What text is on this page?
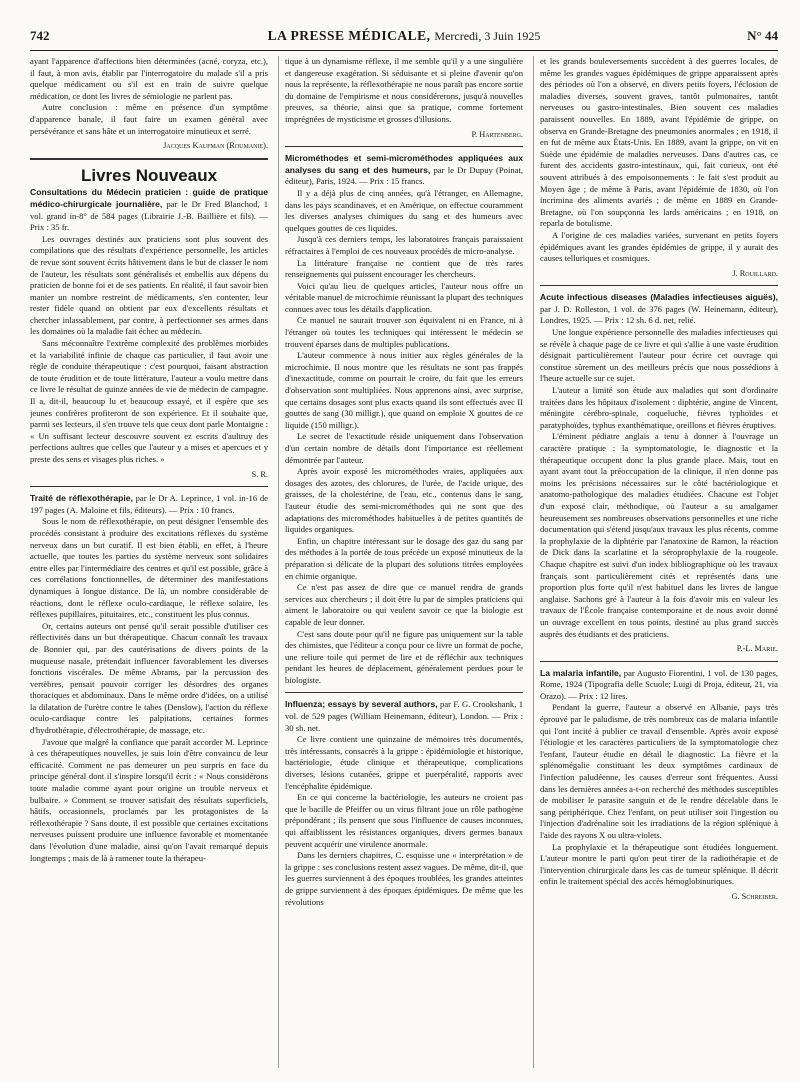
742	LA PRESSE MÉDICALE, Mercredi, 3 Juin 1925	N° 44

ayant l'apparence d'affections bien déterminées (acné, coryza, etc.), il faut, à mon avis, établir par l'interrogatoire du malade s'il a pris quelque médicament ou s'il est en train de suivre quelque médication, ce dont les livres de sémiologie ne parlent pas.

Autre conclusion : même en présence d'un symptôme d'apparence banale, il faut faire un examen général avec persévérance et sans hâte et un interrogatoire minutieux et serré.

Jacques Kaufman (Roumanie).
Livres Nouveaux

Consultations du Médecin praticien : guide de pratique médico-chirurgicale journalière, par le Dr Fred Blanchod, 1 vol. grand in-8° de 584 pages (Librairie J.-B. Baillière et fils). — Prix : 35 fr.

Les ouvrages destinés aux praticiens sont plus souvent des compilations que des résultats d'expérience personnelle, les articles de revue sont souvent écrits hâtivement dans le but de classer le nom de l'auteur, les résultats sont généralisés et embellis aux dépens du praticien de bonne foi et de ses patients. En réalité, il faut savoir bien manier un nombre restreint de médicaments, s'en contenter, leur rester fidèle quand on obtient par eux d'excellents résultats et chercher inlassablement, par contre, à perfectionner ses armes dans les domaines où la maladie fait échec au médecin.

Sans méconnaître l'extrême complexité des problèmes morbides et la variabilité infinie de chaque cas particulier, il faut avoir une règle de conduite thérapeutique : c'est pourquoi, faisant abstraction de toute érudition et de toute littérature, l'auteur a voulu mettre dans ce livre le résultat de quinze années de vie de médecin de campagne. Il a, dit-il, beaucoup lu et beaucoup essayé, et il espère que ses jeunes confrères profiteront de son expérience. Et il souhaite que, parmi ses lecteurs, il s'en trouve tels que ceux dont parle Montaigne : « Un suffisant lecteur descouvre souvent ez escrits d'aultruy des perfections aultres que celles que l'auteur y a mises et apercues et y preste des sens et visages plus riches. »

S. R.

Traité de réflexothérapie, par le Dr A. Leprince, 1 vol. in-16 de 197 pages (A. Maloine et fils, éditeurs). — Prix : 10 francs.

Sous le nom de réflexothérapie, on peut désigner l'ensemble des procédés consistant à produire des excitations réflexes du système nerveux dans un but curatif. Il est bien établi, en effet, à l'heure actuelle, que toutes les parties du système nerveux sont solidaires entre elles par l'intermédiaire des centres et qu'il est possible, grâce à ces corrélations fonctionnelles, de déterminer des manifestations dynamiques à longue distance. De là, un nombre considérable de réactions, dont le réflexe oculo-cardiaque, le réflexe solaire, les réflexes pupillaires, pituitaires, etc., constituent les plus connus.

Or, certains auteurs ont pensé qu'il serait possible d'utiliser ces réflectivités dans un but thérapeutique. Chacun connaît les travaux de Bonnier qui, par des cautérisations de divers points de la muqueuse nasale, prétendait influencer favorablement les diverses fonctions viscérales. De même Abrams, par la percussion des vertèbres, pensait pouvoir corriger les désordres des organes thoraciques et abdominaux. Dans le même ordre d'idées, on a utilisé la dilatation de l'urètre contre le tabes (Denslow), l'action du réflexe oculo-cardiaque contre les palpitations, certaines formes d'hydrothérapie, d'électrothérapie, de massage, etc.

J'avoue que malgré la confiance que paraît accorder M. Leprince à ces thérapeutiques nouvelles, je suis loin d'être convaincu de leur efficacité. Comment ne pas demeurer un peu surpris en face du principe général dont il s'inspire lorsqu'il écrit : « Nous considérons toute maladie comme ayant pour origine un trouble nerveux et bulbaire. » Comment se trouver satisfait des résultats superficiels, hâtifs, occasionnels, proclamés par les protagonistes de la réflexothérapie ? Sans doute, il est possible que certaines excitations nerveuses puissent produire une influence favorable et momentanée dans l'évolution d'une maladie, ainsi qu'on l'avait remarqué depuis longtemps ; mais de là à ramener toute la thérapeu-

tique à un dynamisme réflexe, il me semble qu'il y a une singulière et dangereuse exagération. Si séduisante et si pleine d'avenir qu'on nous la représente, la réflexothérapie ne nous paraît pas encore sortie du domaine de l'empirisme et nous considérerons, jusqu'à nouvelles preuves, sa théorie, ainsi que sa pratique, comme fortement imprégnées de mysticisme et grosses d'illusions.

P. Hartenberg.

Microméthodes et semi-microméthodes appliquées aux analyses du sang et des humeurs, par le Dr Dupuy (Poinat, éditeur), Paris, 1924. — Prix : 15 francs.

Il y a déjà plus de cinq années, qu'à l'étranger, en Allemagne, dans les pays scandinaves, et en Amérique, on effectue couramment les diverses analyses chimiques du sang et des humeurs avec quelques gouttes de ces liquides.

Jusqu'à ces derniers temps, les laboratoires français paraissaient réfractaires à l'emploi de ces nouveaux procédés de micro-analyse.

La littérature française ne contient que de très rares renseignements qui puissent encourager les chercheurs.

Voici qu'au lieu de quelques articles, l'auteur nous offre un véritable manuel de microchimie réunissant la plupart des techniques connues avec tous les détails d'application.

Ce manuel ne saurait trouver son équivalent ni en France, ni à l'étranger où toutes les techniques qui intéressent le médecin se trouvent éparses dans de multiples publications.

L'auteur commence à nous initier aux règles générales de la microchimie. Il nous montre que les résultats ne sont pas frappés d'inexactitude, comme on pourrait le croire, du fait que les erreurs d'observation sont multipliées. Nous apprenons ainsi, avec surprise, que certains dosages sont plus exacts quand ils sont effectués avec II gouttes de sang (30 milligr.), que quand on emploie X gouttes de ce liquide (150 milligr.).

Le secret de l'exactitude réside uniquement dans l'observation d'un certain nombre de détails dont l'importance est réellement démontrée par l'auteur.

Après avoir exposé les microméthodes vraies, appliquées aux dosages des azotes, des chlorures, de l'urée, de l'acide urique, des graisses, de la cholestérine, de l'eau, etc., contenus dans le sang, l'auteur étudie des semi-microméthodes qui ne sont que des adaptations des microméthodes habituelles à de petites quantités de liquides organiques.

Enfin, un chapitre intéressant sur le dosage des gaz du sang par des méthodes à la portée de tous précède un exposé minutieux de la préparation si délicate de la plupart des solutions titrées employées en chimie organique.

Ce n'est pas assez de dire que ce manuel rendra de grands services aux chercheurs ; il doit être lu par de simples praticiens qui aiment le laboratoire ou qui veulent savoir ce que la biologie est capable de leur donner.

C'est sans doute pour qu'il ne figure pas uniquement sur la table des chimistes, que l'éditeur a conçu pour ce livre un format de poche, une reliure toile qui permet de lire et de réfléchir aux techniques pendant les heures de déplacement, généralement perdues pour le biologiste.

Influenza; essays by several authors, par F. G. Crookshank, 1 vol. de 529 pages (William Heinemann, éditeur), London. — Prix : 30 sh. net.

Ce livre contient une quinzaine de mémoires très documentés, très intéressants, consacrés à la grippe : épidémiologie et historique, bactériologie, étude clinique et thérapeutique, complications diverses, lésions cutanées, grippe et puerpéralité, rapports avec l'encéphalite épidémique.

En ce qui concerne la bactériologie, les auteurs ne croient pas que le bacille de Pfeiffer ou un virus filtrant joue un rôle pathogène prépondérant ; ils pensent que sous l'influence de causes inconnues, qui affaiblissent les résistances organiques, divers germes banaux peuvent acquérir une virulence anormale.

Dans les derniers chapitres, C. esquisse une « interprétation » de la grippe : ses conclusions restent assez vagues. De même, dit-il, que les guerres surviennent à des époques troublées, les grandes atteintes de grippe surviennent à des époques épidémiques. De même que les révolutions

et les grands bouleversements succèdent à des guerres locales, de même les grandes vagues épidémiques de grippe apparaissent après des périodes où l'on a observé, en divers petits foyers, l'éclosion de maladies diverses, souvent graves, tantôt pulmonaires, tantôt nerveuses ou gastro-intestinales. Bien souvent ces maladies paraissent nouvelles. En 1889, avant l'épidémie de grippe, on observa en Grande-Bretagne des pneumonies anormales ; en 1918, il en fut de même aux États-Unis. En 1889, avant la grippe, on vit en Suède une épidémie de maladies nerveuses. Dans d'autres cas, ce furent des accidents gastro-intestinaux, qui, fait curieux, ont été souvent attribués à des empoisonnements : le fait s'est produit au Moyen âge ; de même à Paris, avant l'épidémie de 1830, où l'on incrimina des aliments avariés ; de même en 1889 en Grande-Bretagne, où l'on soupçonna les lards américains ; en 1918, on reparla de botulisme.

A l'origine de ces maladies variées, survenant en petits foyers épidémiques avant les grandes épidémies de grippe, il y aurait des causes telluriques et cosmiques.

J. Rouillard.

Acute infectious diseases (Maladies infectieuses aiguës), par J. D. Rolleston, 1 vol. de 376 pages (W. Heinemann, éditeur), Londres, 1925. — Prix : 12 sh. 6 d. net, relié.

Une longue expérience personnelle des maladies infectieuses qui se révèle à chaque page de ce livre et qui s'allie à une vaste érudition désignait particulièrement l'auteur pour écrire cet ouvrage qui constitue sûrement un des meilleurs précis que nous possédions à l'heure actuelle sur ce sujet.

L'auteur a limité son étude aux maladies qui sont d'ordinaire traitées dans les hôpitaux d'isolement : diphtérie, angine de Vincent, méningite cérébro-spinale, coqueluche, fièvres typhoïdes et paratyphoïdes, typhus exanthématique, oreillons et fièvres éruptives.

L'éminent pédiatre anglais a tenu à donner à l'ouvrage un caractère pratique : la symptomatologie, le diagnostic et la thérapeutique occupent donc la plus grande place. Mais, tout en ayant avant tout la préoccupation de la clinique, il n'en donne pas moins les précisions nécessaires sur le côté bactériologique et anatomo-pathologique des maladies étudiées. Chacune est l'objet d'un exposé clair, méthodique, où l'auteur a su amalgamer heureusement ses nombreuses observations personnelles et une riche documentation qui s'étend jusqu'aux travaux les plus récents, comme la prophylaxie de la diphtérie par l'anatoxine de Ramon, la réaction de Dick dans la scarlatine et la séroprophylaxie de la rougeole. Chaque chapitre est suivi d'un index bibliographique où les travaux français sont particulièrement cités et représentés dans une proportion plus forte qu'il n'est habituel dans les livres de langue anglaise. Sachons gré à l'auteur à la fois d'avoir mis en valeur les travaux de l'École française contemporaine et de nous avoir donné un ouvrage excellent en tous points, destiné au plus grand succès auprès des étudiants et des praticiens.

P.-L. Marie.

La malaria infantile, par Augusto Fiorentini, 1 vol. de 130 pages, Rome, 1924 (Tipografia delle Scuole; Luigi di Proja, éditeur, 21, via Orazo). — Prix : 12 lires.

Pendant la guerre, l'auteur a observé en Albanie, pays très éprouvé par le paludisme, de très nombreux cas de malaria infantile qui l'ont incité à publier ce travail d'ensemble. Après avoir exposé l'étiologie et les caractères particuliers de la symptomatologie chez l'enfant, l'auteur étudie en détail le diagnostic. La fièvre et la splénomégalie constituant les deux symptômes cardinaux de l'infection paludéenne, les causes d'erreur sont fréquentes. Aussi dans les dernières années a-t-on recherché des méthodes susceptibles de mobiliser le parasite sanguin et de le rendre décelable dans le sang périphérique. Chez l'enfant, on peut utiliser soit l'ingestion ou l'injection d'adrénaline soit les irradiations de la région splénique à l'aide des rayons X ou ultra-violets.

La prophylaxie et la thérapeutique sont étudiées longuement. L'auteur montre le parti qu'on peut tirer de la radiothérapie et de l'intervention chirurgicale dans les cas de tumeur splénique. Il décrit enfin le traitement spécial des accès hémoglobinuriques.

G. Schreiber.
